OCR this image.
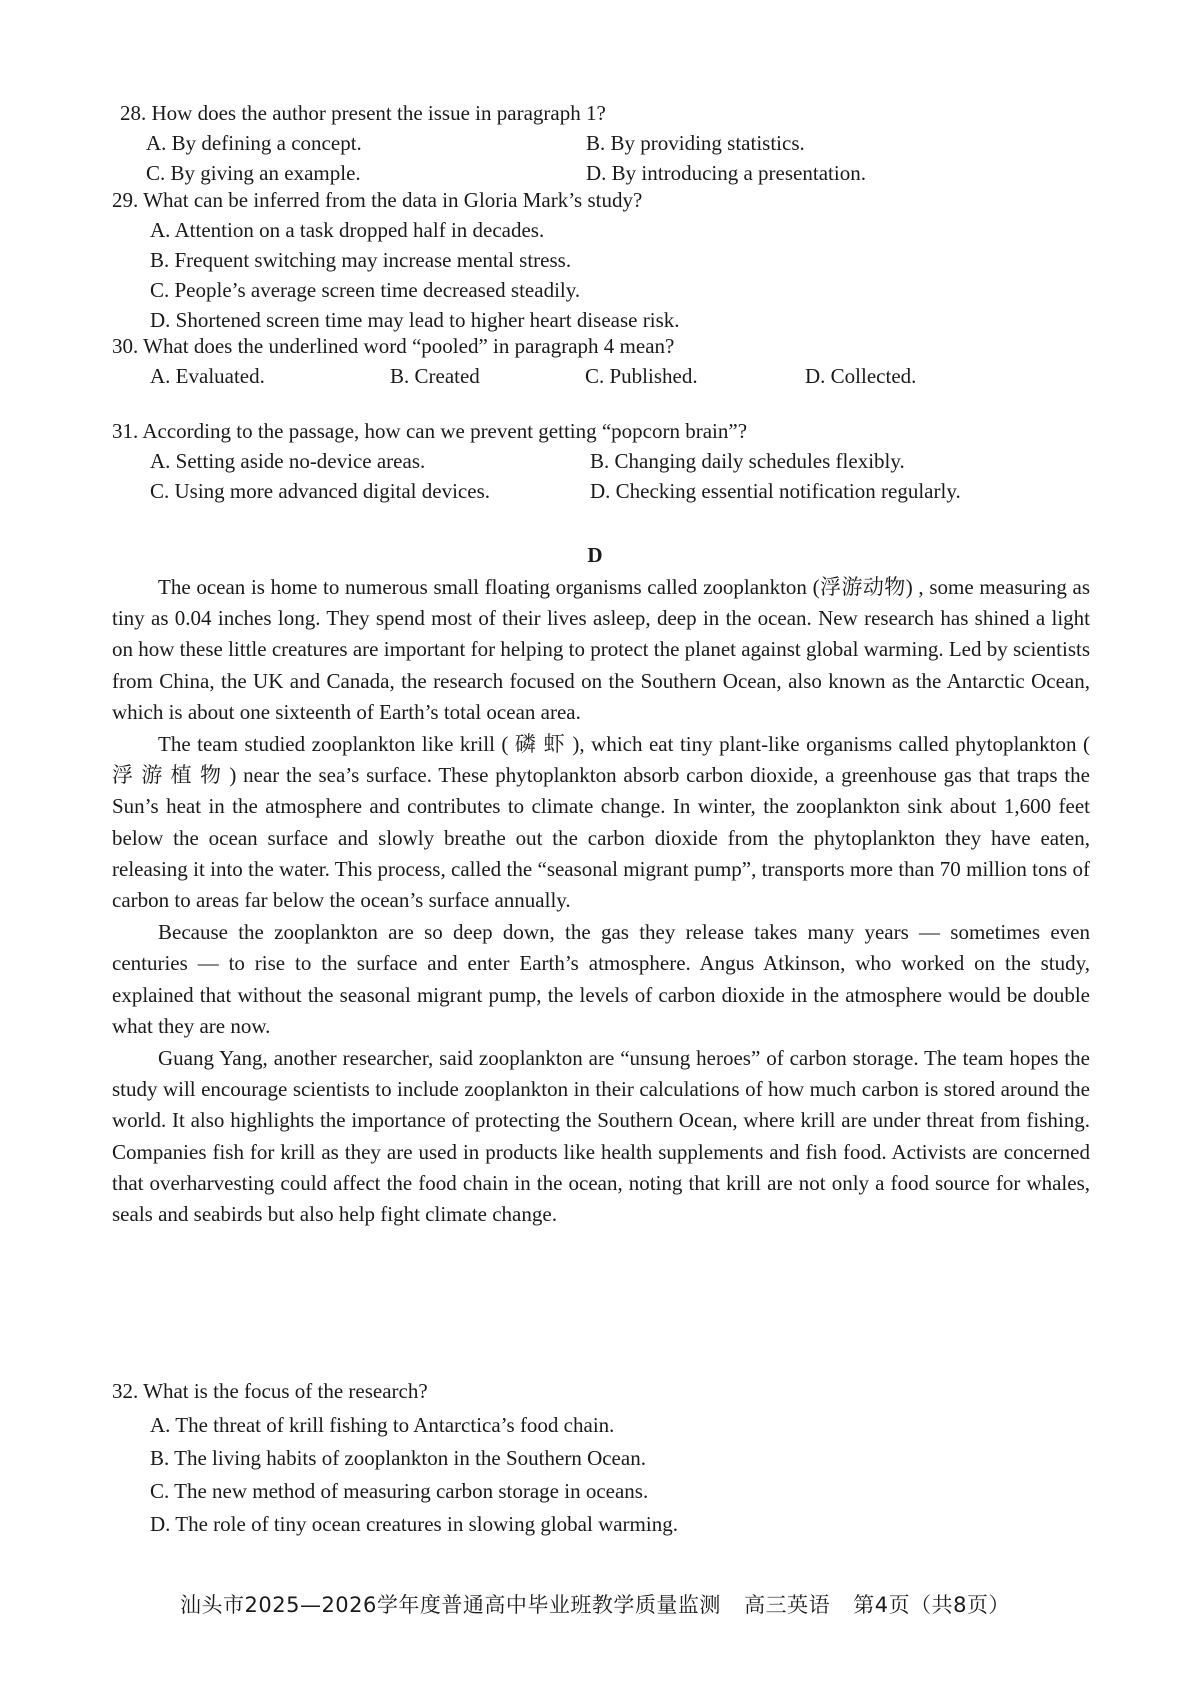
28. How does the author present the issue in paragraph 1?
A. By defining a concept.	B. By providing statistics.
C. By giving an example.	D. By introducing a presentation.
29. What can be inferred from the data in Gloria Mark’s study?
A. Attention on a task dropped half in decades.
B. Frequent switching may increase mental stress.
C. People’s average screen time decreased steadily.
D. Shortened screen time may lead to higher heart disease risk.
30. What does the underlined word “pooled” in paragraph 4 mean?
A. Evaluated.	B. Created	C. Published.	D. Collected.
31. According to the passage, how can we prevent getting “popcorn brain”?
A. Setting aside no-device areas.	B. Changing daily schedules flexibly.
C. Using more advanced digital devices.	D. Checking essential notification regularly.
D

The ocean is home to numerous small floating organisms called zooplankton (浮游动物) , some measuring as tiny as 0.04 inches long. They spend most of their lives asleep, deep in the ocean. New research has shined a light on how these little creatures are important for helping to protect the planet against global warming. Led by scientists from China, the UK and Canada, the research focused on the Southern Ocean, also known as the Antarctic Ocean, which is about one sixteenth of Earth’s total ocean area.

The team studied zooplankton like krill ( 磷 虾 ), which eat tiny plant-like organisms called phytoplankton ( 浮 游 植 物 ) near the sea’s surface. These phytoplankton absorb carbon dioxide, a greenhouse gas that traps the Sun’s heat in the atmosphere and contributes to climate change. In winter, the zooplankton sink about 1,600 feet below the ocean surface and slowly breathe out the carbon dioxide from the phytoplankton they have eaten, releasing it into the water. This process, called the “seasonal migrant pump”, transports more than 70 million tons of carbon to areas far below the ocean’s surface annually.

Because the zooplankton are so deep down, the gas they release takes many years — sometimes even centuries — to rise to the surface and enter Earth’s atmosphere. Angus Atkinson, who worked on the study, explained that without the seasonal migrant pump, the levels of carbon dioxide in the atmosphere would be double what they are now.

Guang Yang, another researcher, said zooplankton are “unsung heroes” of carbon storage. The team hopes the study will encourage scientists to include zooplankton in their calculations of how much carbon is stored around the world. It also highlights the importance of protecting the Southern Ocean, where krill are under threat from fishing. Companies fish for krill as they are used in products like health supplements and fish food. Activists are concerned that overharvesting could affect the food chain in the ocean, noting that krill are not only a food source for whales, seals and seabirds but also help fight climate change.

32. What is the focus of the research?
A. The threat of krill fishing to Antarctica’s food chain.
B. The living habits of zooplankton in the Southern Ocean.
C. The new method of measuring carbon storage in oceans.
D. The role of tiny ocean creatures in slowing global warming.
汕头市2025—2026学年度普通高中毕业班教学质量监测 高三英语 第4页（共8页）
